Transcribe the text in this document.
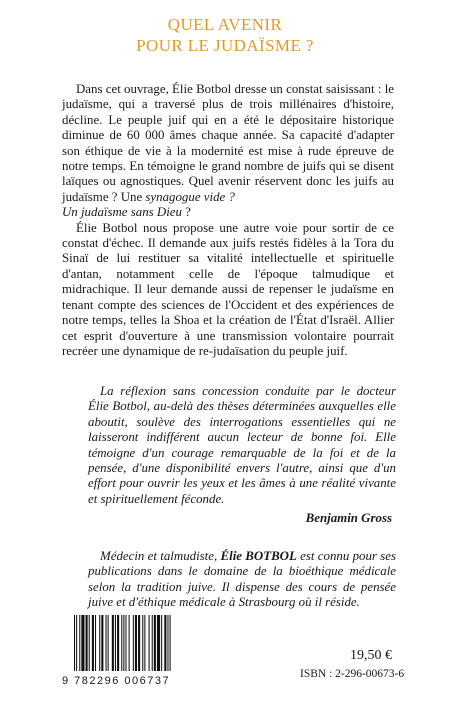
QUEL AVENIR
POUR LE JUDAÏSME ?

Dans cet ouvrage, Élie Botbol dresse un constat saisissant : le judaïsme, qui a traversé plus de trois millénaires d'histoire, décline. Le peuple juif qui en a été le dépositaire historique diminue de 60 000 âmes chaque année. Sa capacité d'adapter son éthique de vie à la modernité est mise à rude épreuve de notre temps. En témoigne le grand nombre de juifs qui se disent laïques ou agnostiques. Quel avenir réservent donc les juifs au judaïsme ? Une synagogue vide ?
Un judaïsme sans Dieu ?

Élie Botbol nous propose une autre voie pour sortir de ce constat d'échec. Il demande aux juifs restés fidèles à la Tora du Sinaï de lui restituer sa vitalité intellectuelle et spirituelle d'antan, notamment celle de l'époque talmudique et midrachique. Il leur demande aussi de repenser le judaïsme en tenant compte des sciences de l'Occident et des expériences de notre temps, telles la Shoa et la création de l'État d'Israël. Allier cet esprit d'ouverture à une transmission volontaire pourrait recréer une dynamique de re-judaïsation du peuple juif.

La réflexion sans concession conduite par le docteur Élie Botbol, au-delà des thèses déterminées auxquelles elle aboutit, soulève des interrogations essentielles qui ne laisseront indifférent aucun lecteur de bonne foi. Elle témoigne d'un courage remarquable de la foi et de la pensée, d'une disponibilité envers l'autre, ainsi que d'un effort pour ouvrir les yeux et les âmes à une réalité vivante et spirituellement féconde.

Benjamin Gross

Médecin et talmudiste, Élie BOTBOL est connu pour ses publications dans le domaine de la bioéthique médicale selon la tradition juive. Il dispense des cours de pensée juive et d'éthique médicale à Strasbourg où il réside.

9 782296 006737
19,50 €
ISBN : 2-296-00673-6
